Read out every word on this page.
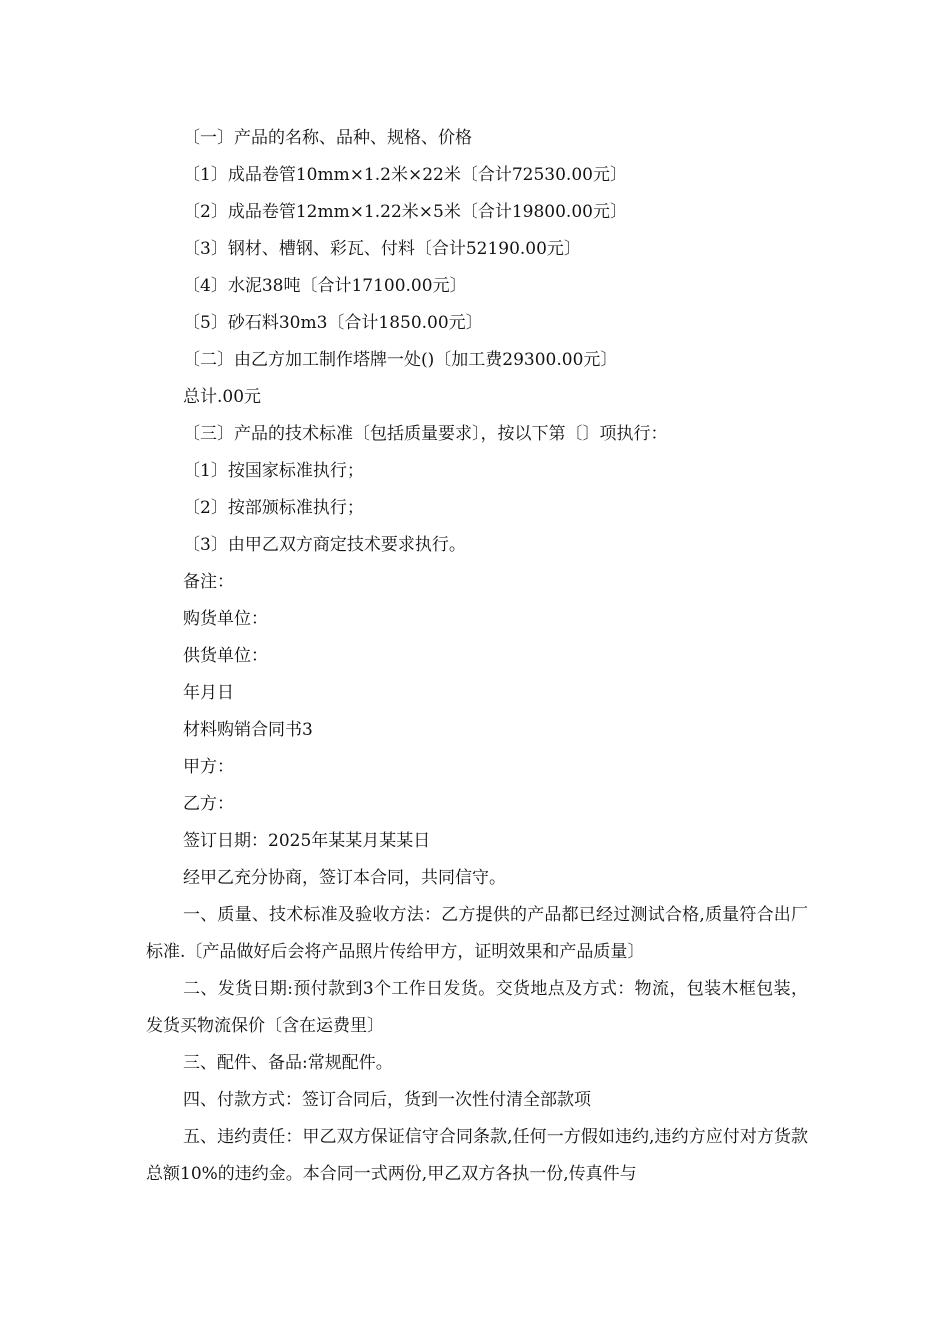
〔一〕产品的名称、品种、规格、价格
〔1〕成品卷管10mm×1.2米×22米〔合计72530.00元〕
〔2〕成品卷管12mm×1.22米×5米〔合计19800.00元〕
〔3〕钢材、槽钢、彩瓦、付料〔合计52190.00元〕
〔4〕水泥38吨〔合计17100.00元〕
〔5〕砂石料30m3〔合计1850.00元〕
〔二〕由乙方加工制作塔牌一处()〔加工费29300.00元〕
总计.00元
〔三〕产品的技术标准〔包括质量要求〕，按以下第〔〕项执行：
〔1〕按国家标准执行；
〔2〕按部颁标准执行；
〔3〕由甲乙双方商定技术要求执行。
备注：
购货单位：
供货单位：
年月日
材料购销合同书3
甲方：
乙方：
签订日期：2025年某某月某某日
经甲乙充分协商，签订本合同，共同信守。

一、质量、技术标准及验收方法：乙方提供的产品都已经过测试合格,质量符合出厂标准.〔产品做好后会将产品照片传给甲方，证明效果和产品质量〕

二、发货日期:预付款到3个工作日发货。交货地点及方式：物流，包装木框包装，发货买物流保价〔含在运费里〕

三、配件、备品:常规配件。

四、付款方式：签订合同后，货到一次性付清全部款项

五、违约责任：甲乙双方保证信守合同条款,任何一方假如违约,违约方应付对方货款总额10%的违约金。本合同一式两份,甲乙双方各执一份,传真件与
